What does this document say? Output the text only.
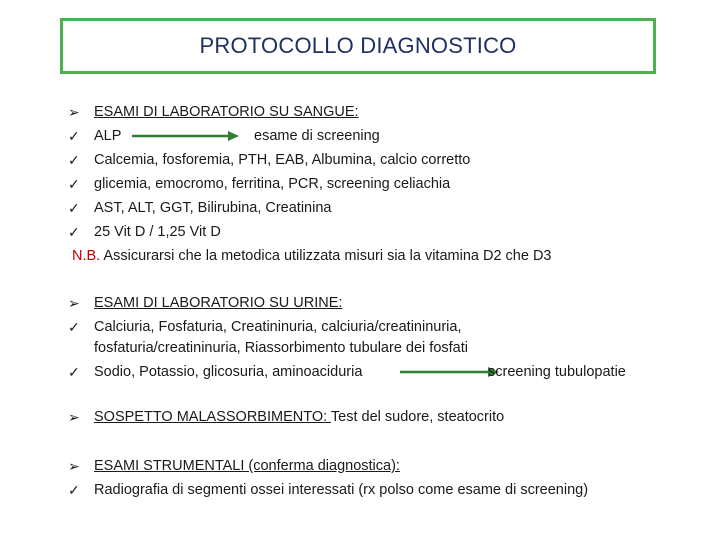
PROTOCOLLO DIAGNOSTICO
➢ ESAMI DI LABORATORIO SU SANGUE:
✓ ALP	esame di screening
✓ Calcemia, fosforemia, PTH, EAB, Albumina, calcio corretto
✓ glicemia, emocromo, ferritina, PCR, screening celiachia
✓ AST, ALT, GGT, Bilirubina, Creatinina
✓ 25 Vit D / 1,25 Vit D
N.B. Assicurarsi che la metodica utilizzata misuri sia la vitamina D2 che D3
➢ ESAMI DI LABORATORIO SU URINE:
✓ Calciuria, Fosfaturia, Creatininuria, calciuria/creatininuria,
fosfaturia/creatininuria, Riassorbimento tubulare dei fosfati
✓ Sodio, Potassio, glicosuria, aminoaciduria	screening tubulopatie
➢ SOSPETTO MALASSORBIMENTO: Test del sudore, steatocrito
➢ ESAMI STRUMENTALI (conferma diagnostica):
✓ Radiografia di segmenti ossei interessati (rx polso come esame di screening)
